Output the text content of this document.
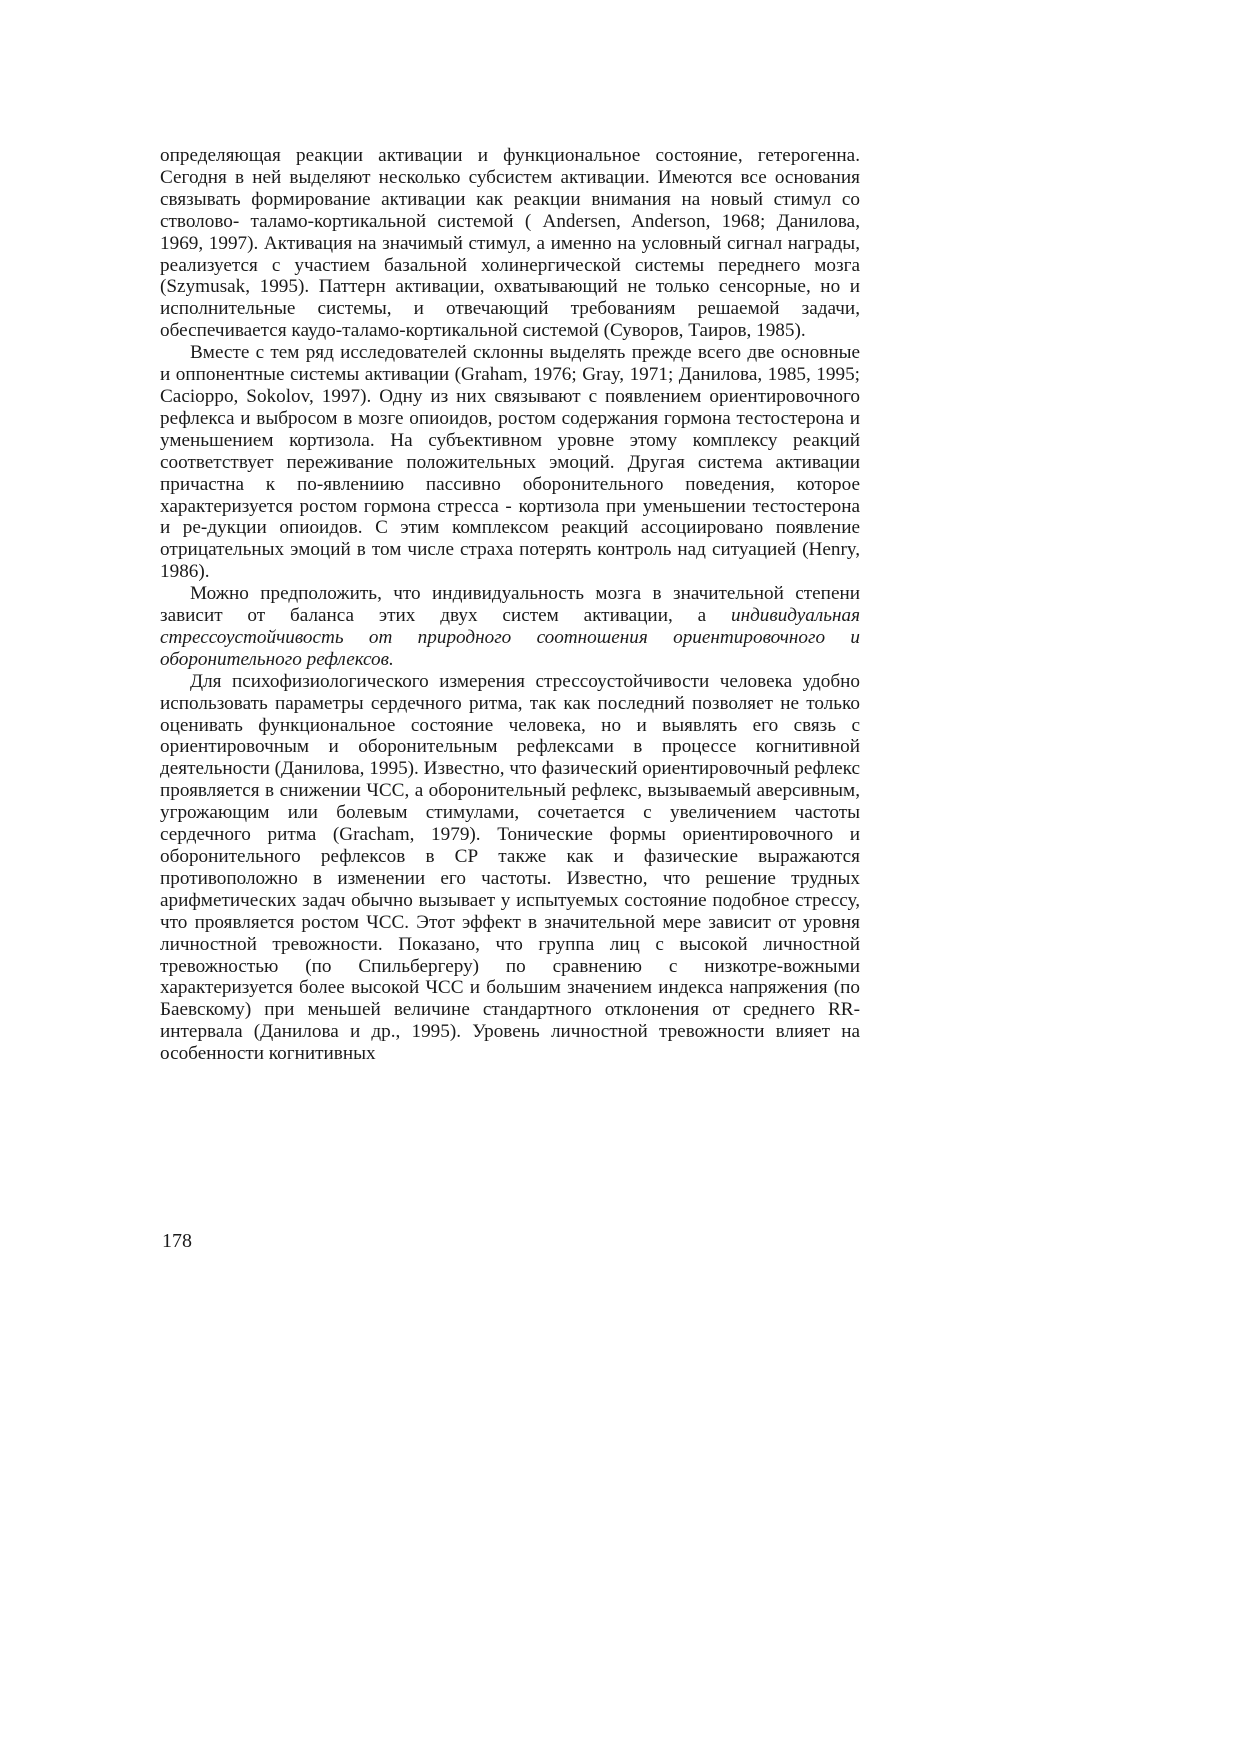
определяющая реакции активации и функциональное состояние, гетерогенна. Сегодня в ней выделяют несколько субсистем активации. Имеются все основания связывать формирование активации как реакции внимания на новый стимул со стволово- таламо-кортикальной системой ( Andersen, Anderson, 1968; Данилова, 1969, 1997). Активация на значимый стимул, а именно на условный сигнал награды, реализуется с участием базальной холинергической системы переднего мозга (Szymusak, 1995). Паттерн активации, охватывающий не только сенсорные, но и исполнительные системы, и отвечающий требованиям решаемой задачи, обеспечивается каудо-таламо-кортикальной системой (Суворов, Таиров, 1985).

Вместе с тем ряд исследователей склонны выделять прежде всего две основные и оппонентные системы активации (Graham, 1976; Gray, 1971; Данилова, 1985, 1995; Cacioppo, Sokolov, 1997). Одну из них связывают с появлением ориентировочного рефлекса и выбросом в мозге опиоидов, ростом содержания гормона тестостерона и уменьшением кортизола. На субъективном уровне этому комплексу реакций соответствует переживание положительных эмоций. Другая система активации причастна к по-явлениию пассивно оборонительного поведения, которое характеризуется ростом гормона стресса - кортизола при уменьшении тестостерона и ре-дукции опиоидов. С этим комплексом реакций ассоциировано появление отрицательных эмоций в том числе страха потерять контроль над ситуацией (Henry, 1986).

Можно предположить, что индивидуальность мозга в значительной степени зависит от баланса этих двух систем активации, а индивидуальная стрессоустойчивость от природного соотношения ориентировочного и оборонительного рефлексов.

Для психофизиологического измерения стрессоустойчивости человека удобно использовать параметры сердечного ритма, так как последний позволяет не только оценивать функциональное состояние человека, но и выявлять его связь с ориентировочным и оборонительным рефлексами в процессе когнитивной деятельности (Данилова, 1995). Известно, что фазический ориентировочный рефлекс проявляется в снижении ЧСС, а оборонительный рефлекс, вызываемый аверсивным, угрожающим или болевым стимулами, сочетается с увеличением частоты сердечного ритма (Gracham, 1979). Тонические формы ориентировочного и оборонительного рефлексов в СР также как и фазические выражаются противоположно в изменении его частоты. Известно, что решение трудных арифметических задач обычно вызывает у испытуемых состояние подобное стрессу, что проявляется ростом ЧСС. Этот эффект в значительной мере зависит от уровня личностной тревожности. Показано, что группа лиц с высокой личностной тревожностью (по Спильбергеру) по сравнению с низкотре-вожными характеризуется более высокой ЧСС и большим значением индекса напряжения (по Баевскому) при меньшей величине стандартного отклонения от среднего RR-интервала (Данилова и др., 1995). Уровень личностной тревожности влияет на особенности когнитивных

178
